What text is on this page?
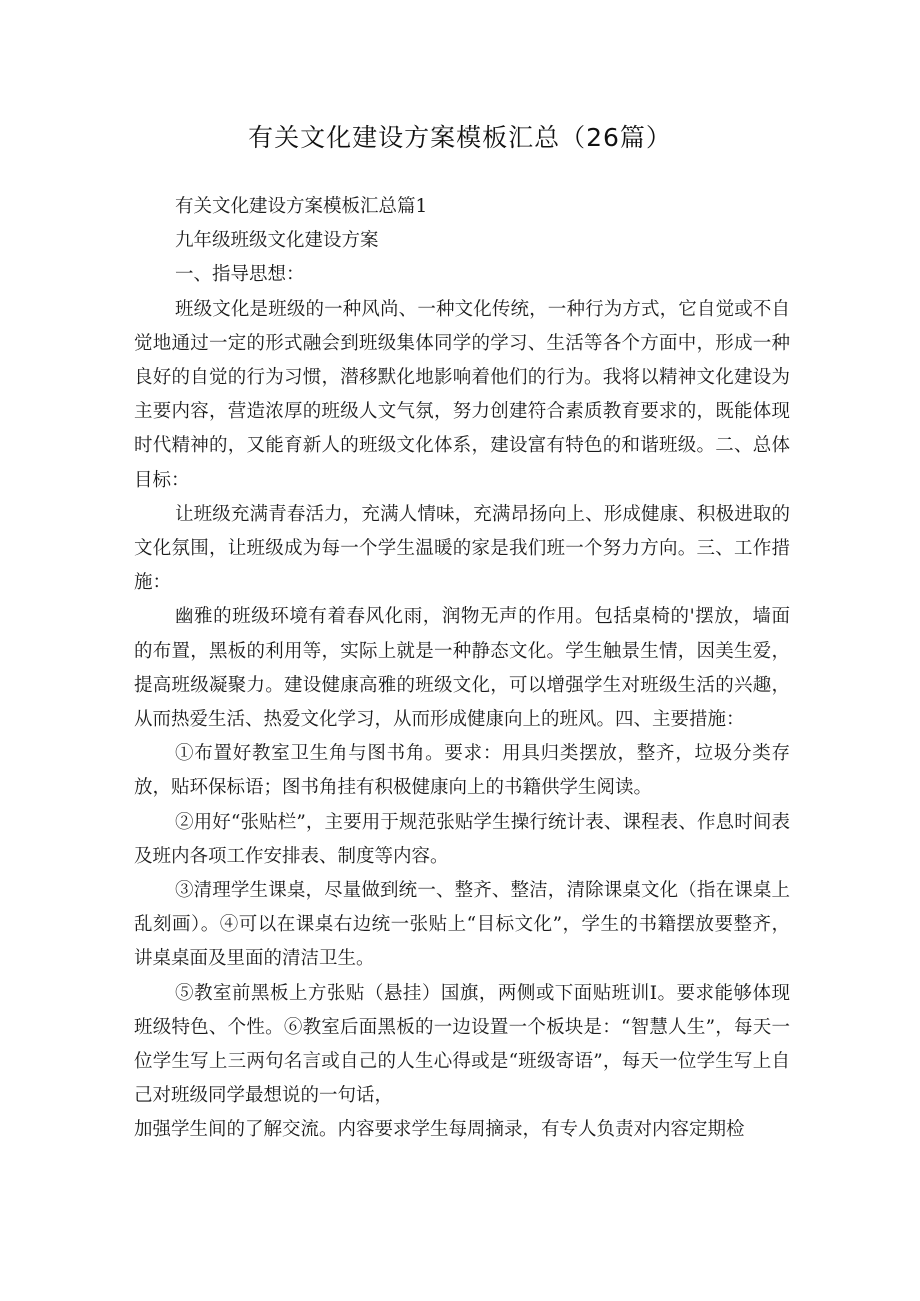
有关文化建设方案模板汇总（26篇）

有关文化建设方案模板汇总篇1

九年级班级文化建设方案

一、指导思想：

班级文化是班级的一种风尚、一种文化传统，一种行为方式，它自觉或不自觉地通过一定的形式融会到班级集体同学的学习、生活等各个方面中，形成一种良好的自觉的行为习惯，潜移默化地影响着他们的行为。我将以精神文化建设为主要内容，营造浓厚的班级人文气氛，努力创建符合素质教育要求的，既能体现时代精神的，又能育新人的班级文化体系，建设富有特色的和谐班级。二、总体目标：

让班级充满青春活力，充满人情味，充满昂扬向上、形成健康、积极进取的文化氛围，让班级成为每一个学生温暖的家是我们班一个努力方向。三、工作措施：

幽雅的班级环境有着春风化雨，润物无声的作用。包括桌椅的'摆放，墙面的布置，黑板的利用等，实际上就是一种静态文化。学生触景生情，因美生爱，提高班级凝聚力。建设健康高雅的班级文化，可以增强学生对班级生活的兴趣，从而热爱生活、热爱文化学习，从而形成健康向上的班风。四、主要措施：

①布置好教室卫生角与图书角。要求：用具归类摆放，整齐，垃圾分类存放，贴环保标语；图书角挂有积极健康向上的书籍供学生阅读。

②用好“张贴栏”，主要用于规范张贴学生操行统计表、课程表、作息时间表及班内各项工作安排表、制度等内容。

③清理学生课桌，尽量做到统一、整齐、整洁，清除课桌文化（指在课桌上乱刻画）。④可以在课桌右边统一张贴上“目标文化”，学生的书籍摆放要整齐，讲桌桌面及里面的清洁卫生。

⑤教室前黑板上方张贴（悬挂）国旗，两侧或下面贴班训I。要求能够体现班级特色、个性。⑥教室后面黑板的一边设置一个板块是：“智慧人生”，每天一位学生写上三两句名言或自己的人生心得或是“班级寄语”，每天一位学生写上自己对班级同学最想说的一句话，

加强学生间的了解交流。内容要求学生每周摘录，有专人负责对内容定期检
